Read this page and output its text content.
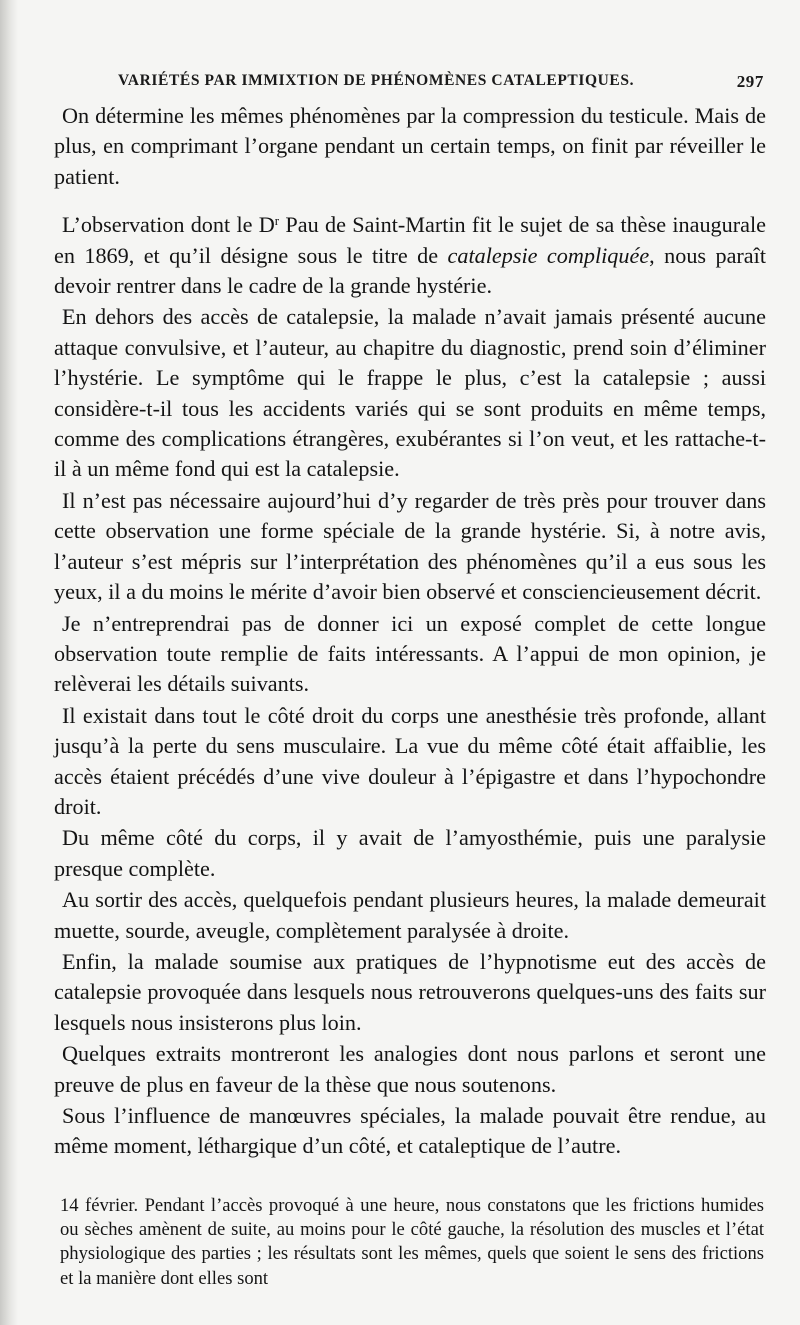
VARIÉTÉS PAR IMMIXTION DE PHÉNOMÈNES CATALEPTIQUES.	297

On détermine les mêmes phénomènes par la compression du testicule. Mais de plus, en comprimant l’organe pendant un certain temps, on finit par réveiller le patient.

L’observation dont le $D^r$ Pau de Saint-Martin fit le sujet de sa thèse inaugurale en 1869, et qu’il désigne sous le titre de catalepsie compliquée, nous paraît devoir rentrer dans le cadre de la grande hystérie.

En dehors des accès de catalepsie, la malade n’avait jamais présenté aucune attaque convulsive, et l’auteur, au chapitre du diagnostic, prend soin d’éliminer l’hystérie. Le symptôme qui le frappe le plus, c’est la catalepsie ; aussi considère-t-il tous les accidents variés qui se sont produits en même temps, comme des complications étrangères, exubérantes si l’on veut, et les rattache-t-il à un même fond qui est la catalepsie.

Il n’est pas nécessaire aujourd’hui d’y regarder de très près pour trouver dans cette observation une forme spéciale de la grande hystérie. Si, à notre avis, l’auteur s’est mépris sur l’interprétation des phénomènes qu’il a eus sous les yeux, il a du moins le mérite d’avoir bien observé et consciencieusement décrit.

Je n’entreprendrai pas de donner ici un exposé complet de cette longue observation toute remplie de faits intéressants. A l’appui de mon opinion, je relèverai les détails suivants.

Il existait dans tout le côté droit du corps une anesthésie très profonde, allant jusqu’à la perte du sens musculaire. La vue du même côté était affaiblie, les accès étaient précédés d’une vive douleur à l’épigastre et dans l’hypochondre droit.

Du même côté du corps, il y avait de l’amyosthémie, puis une paralysie presque complète.

Au sortir des accès, quelquefois pendant plusieurs heures, la malade demeurait muette, sourde, aveugle, complètement paralysée à droite.

Enfin, la malade soumise aux pratiques de l’hypnotisme eut des accès de catalepsie provoquée dans lesquels nous retrouverons quelques-uns des faits sur lesquels nous insisterons plus loin.

Quelques extraits montreront les analogies dont nous parlons et seront une preuve de plus en faveur de la thèse que nous soutenons.

Sous l’influence de manœuvres spéciales, la malade pouvait être rendue, au même moment, léthargique d’un côté, et cataleptique de l’autre.

14 février. Pendant l’accès provoqué à une heure, nous constatons que les frictions humides ou sèches amènent de suite, au moins pour le côté gauche, la résolution des muscles et l’état physiologique des parties ; les résultats sont les mêmes, quels que soient le sens des frictions et la manière dont elles sont
